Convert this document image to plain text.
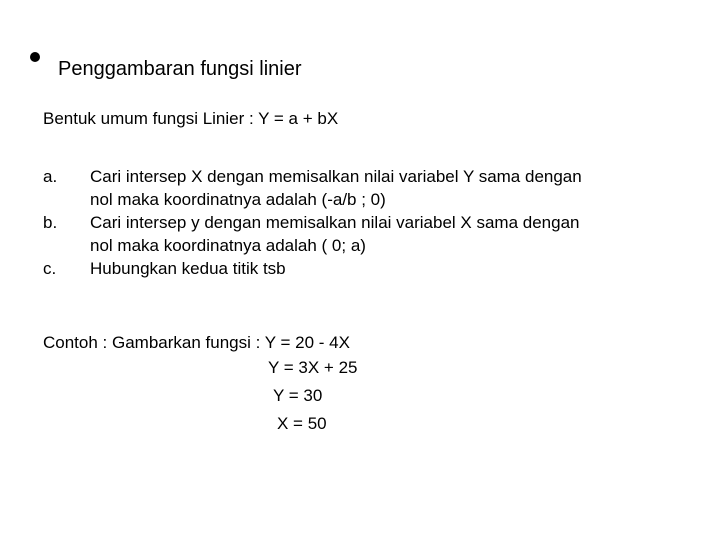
Penggambaran fungsi linier
Bentuk umum fungsi Linier : Y = a + bX
a.	Cari intersep X dengan memisalkan nilai variabel Y sama dengan
nol maka koordinatnya adalah (-a/b ; 0)
b.	Cari intersep y dengan memisalkan nilai variabel X sama dengan
nol maka koordinatnya adalah ( 0; a)
c.	Hubungkan kedua titik tsb
Contoh : Gambarkan fungsi : Y = 20 - 4X
Y = 3X + 25
Y = 30
X = 50
